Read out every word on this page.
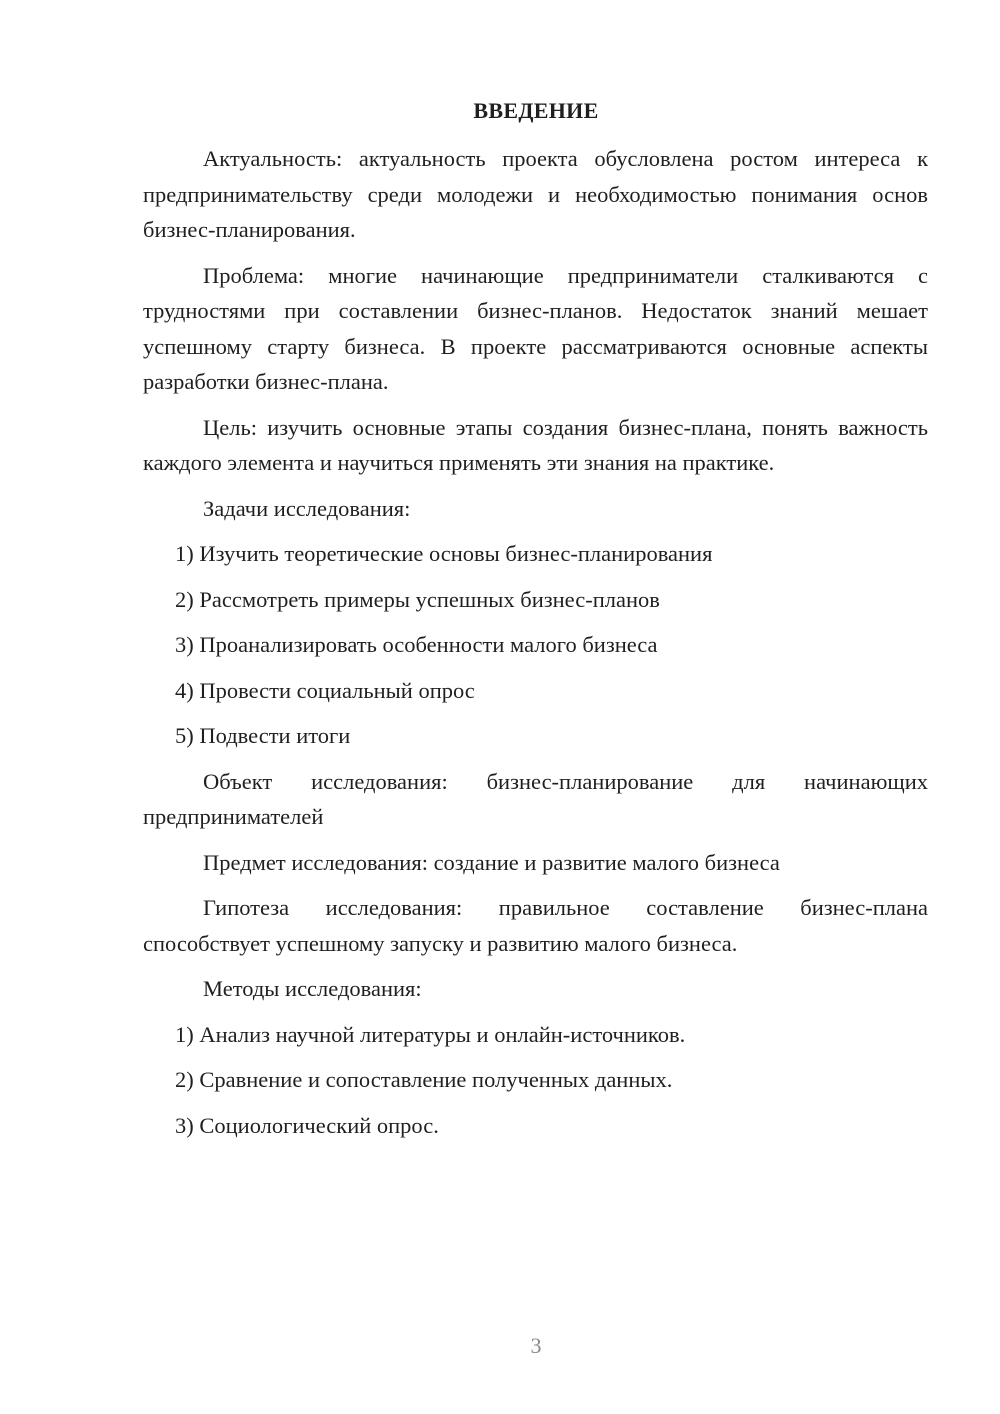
ВВЕДЕНИЕ

Актуальность: актуальность проекта обусловлена ростом интереса к предпринимательству среди молодежи и необходимостью понимания основ бизнес-планирования.

Проблема: многие начинающие предприниматели сталкиваются с трудностями при составлении бизнес-планов. Недостаток знаний мешает успешному старту бизнеса. В проекте рассматриваются основные аспекты разработки бизнес-плана.

Цель: изучить основные этапы создания бизнес-плана, понять важность каждого элемента и научиться применять эти знания на практике.

Задачи исследования:

1) Изучить теоретические основы бизнес-планирования
2) Рассмотреть примеры успешных бизнес-планов
3) Проанализировать особенности малого бизнеса
4) Провести социальный опрос
5) Подвести итоги

Объект исследования: бизнес-планирование для начинающих предпринимателей

Предмет исследования: создание и развитие малого бизнеса

Гипотеза исследования: правильное составление бизнес-плана способствует успешному запуску и развитию малого бизнеса.

Методы исследования:

1) Анализ научной литературы и онлайн-источников.
2) Сравнение и сопоставление полученных данных.
3) Социологический опрос.
3
